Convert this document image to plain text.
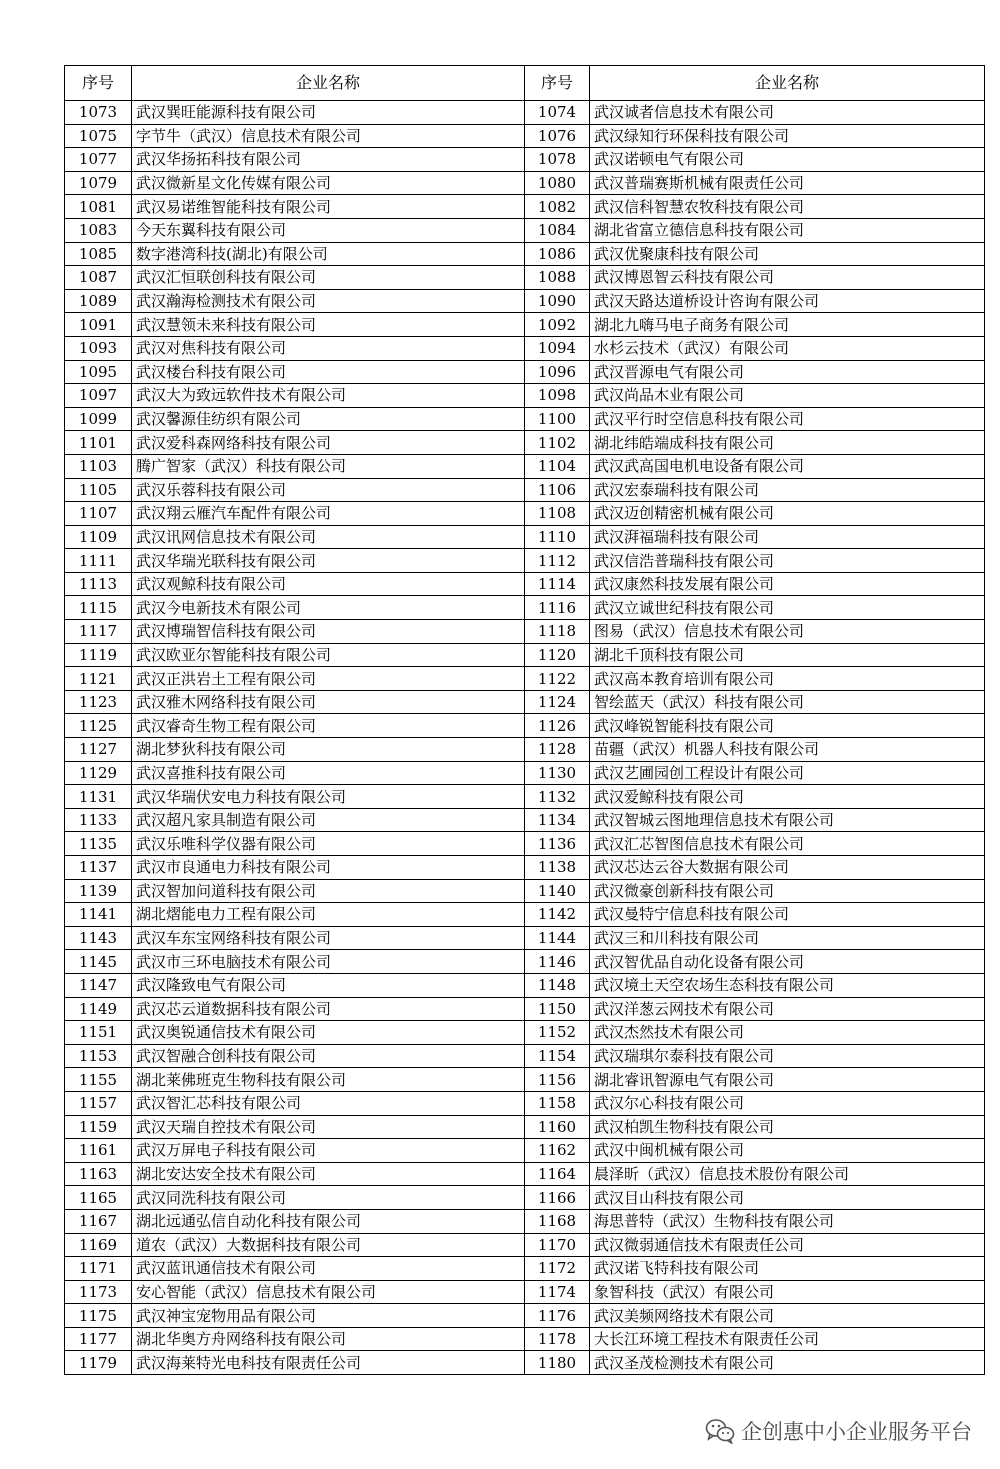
序号	企业名称	序号	企业名称
1073	武汉巽旺能源科技有限公司	1074	武汉诚者信息技术有限公司
1075	字节牛（武汉）信息技术有限公司	1076	武汉绿知行环保科技有限公司
1077	武汉华扬拓科技有限公司	1078	武汉诺顿电气有限公司
1079	武汉微新星文化传媒有限公司	1080	武汉普瑞赛斯机械有限责任公司
1081	武汉易诺维智能科技有限公司	1082	武汉信科智慧农牧科技有限公司
1083	今天东翼科技有限公司	1084	湖北省富立德信息科技有限公司
1085	数字港湾科技(湖北)有限公司	1086	武汉优聚康科技有限公司
1087	武汉汇恒联创科技有限公司	1088	武汉博恩智云科技有限公司
1089	武汉瀚海检测技术有限公司	1090	武汉天路达道桥设计咨询有限公司
1091	武汉慧领未来科技有限公司	1092	湖北九嗨马电子商务有限公司
1093	武汉对焦科技有限公司	1094	水杉云技术（武汉）有限公司
1095	武汉楼台科技有限公司	1096	武汉晋源电气有限公司
1097	武汉大为致远软件技术有限公司	1098	武汉尚品木业有限公司
1099	武汉馨源佳纺织有限公司	1100	武汉平行时空信息科技有限公司
1101	武汉爱科森网络科技有限公司	1102	湖北纬皓端成科技有限公司
1103	腾广智家（武汉）科技有限公司	1104	武汉武高国电机电设备有限公司
1105	武汉乐蓉科技有限公司	1106	武汉宏泰瑞科技有限公司
1107	武汉翔云雁汽车配件有限公司	1108	武汉迈创精密机械有限公司
1109	武汉讯网信息技术有限公司	1110	武汉湃福瑞科技有限公司
1111	武汉华瑞光联科技有限公司	1112	武汉信浩普瑞科技有限公司
1113	武汉观鲸科技有限公司	1114	武汉康然科技发展有限公司
1115	武汉今电新技术有限公司	1116	武汉立诚世纪科技有限公司
1117	武汉博瑞智信科技有限公司	1118	图易（武汉）信息技术有限公司
1119	武汉欧亚尔智能科技有限公司	1120	湖北千顶科技有限公司
1121	武汉正洪岩土工程有限公司	1122	武汉高本教育培训有限公司
1123	武汉雅木网络科技有限公司	1124	智绘蓝天（武汉）科技有限公司
1125	武汉睿奇生物工程有限公司	1126	武汉峰锐智能科技有限公司
1127	湖北梦狄科技有限公司	1128	苗疆（武汉）机器人科技有限公司
1129	武汉喜推科技有限公司	1130	武汉艺圃园创工程设计有限公司
1131	武汉华瑞伏安电力科技有限公司	1132	武汉爱鲸科技有限公司
1133	武汉超凡家具制造有限公司	1134	武汉智城云图地理信息技术有限公司
1135	武汉乐唯科学仪器有限公司	1136	武汉汇芯智图信息技术有限公司
1137	武汉市良通电力科技有限公司	1138	武汉芯达云谷大数据有限公司
1139	武汉智加问道科技有限公司	1140	武汉微豪创新科技有限公司
1141	湖北熠能电力工程有限公司	1142	武汉曼特宁信息科技有限公司
1143	武汉车东宝网络科技有限公司	1144	武汉三和川科技有限公司
1145	武汉市三环电脑技术有限公司	1146	武汉智优品自动化设备有限公司
1147	武汉隆致电气有限公司	1148	武汉境土天空农场生态科技有限公司
1149	武汉芯云道数据科技有限公司	1150	武汉洋葱云网技术有限公司
1151	武汉奥锐通信技术有限公司	1152	武汉杰然技术有限公司
1153	武汉智融合创科技有限公司	1154	武汉瑞琪尔泰科技有限公司
1155	湖北莱佛班克生物科技有限公司	1156	湖北睿讯智源电气有限公司
1157	武汉智汇芯科技有限公司	1158	武汉尔心科技有限公司
1159	武汉天瑞自控技术有限公司	1160	武汉柏凯生物科技有限公司
1161	武汉万屏电子科技有限公司	1162	武汉中闽机械有限公司
1163	湖北安达安全技术有限公司	1164	晨泽昕（武汉）信息技术股份有限公司
1165	武汉同洗科技有限公司	1166	武汉目山科技有限公司
1167	湖北远通弘信自动化科技有限公司	1168	海思普特（武汉）生物科技有限公司
1169	道农（武汉）大数据科技有限公司	1170	武汉微弱通信技术有限责任公司
1171	武汉蓝讯通信技术有限公司	1172	武汉诺飞特科技有限公司
1173	安心智能（武汉）信息技术有限公司	1174	象智科技（武汉）有限公司
1175	武汉神宝宠物用品有限公司	1176	武汉美频网络技术有限公司
1177	湖北华奥方舟网络科技有限公司	1178	大长江环境工程技术有限责任公司
1179	武汉海莱特光电科技有限责任公司	1180	武汉圣茂检测技术有限公司
企创惠中小企业服务平台
